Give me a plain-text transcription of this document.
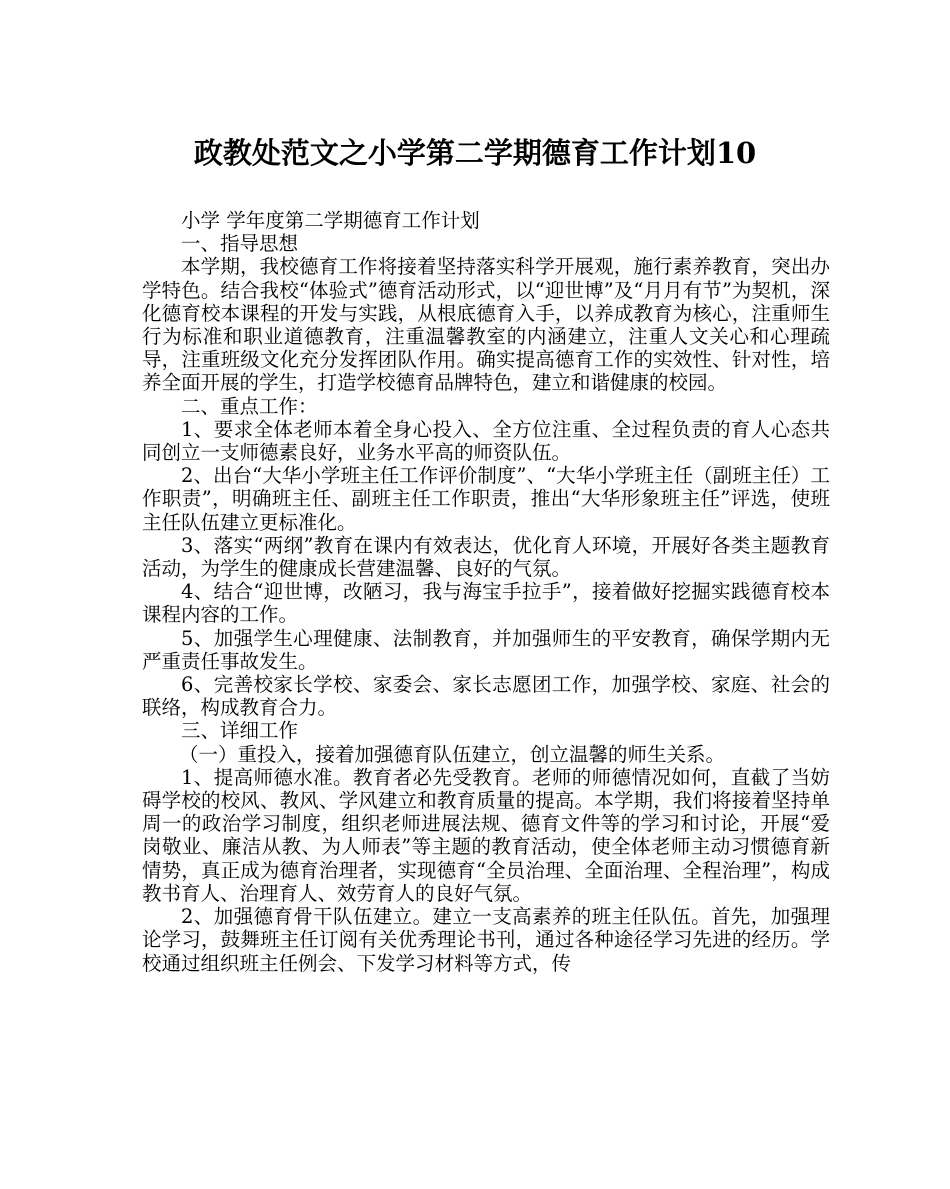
政教处范文之小学第二学期德育工作计划10

小学 学年度第二学期德育工作计划

一、指导思想

本学期，我校德育工作将接着坚持落实科学开展观，施行素养教育，突出办学特色。结合我校“体验式”德育活动形式，以“迎世博”及“月月有节”为契机，深化德育校本课程的开发与实践，从根底德育入手，以养成教育为核心，注重师生行为标准和职业道德教育，注重温馨教室的内涵建立，注重人文关心和心理疏导，注重班级文化充分发挥团队作用。确实提高德育工作的实效性、针对性，培养全面开展的学生，打造学校德育品牌特色，建立和谐健康的校园。

二、重点工作：

1、要求全体老师本着全身心投入、全方位注重、全过程负责的育人心态共同创立一支师德素良好，业务水平高的师资队伍。

2、出台“大华小学班主任工作评价制度”、“大华小学班主任（副班主任）工作职责”，明确班主任、副班主任工作职责，推出“大华形象班主任”评选，使班主任队伍建立更标准化。

3、落实“两纲”教育在课内有效表达，优化育人环境，开展好各类主题教育活动，为学生的健康成长营建温馨、良好的气氛。

4、结合“迎世博，改陋习，我与海宝手拉手”，接着做好挖掘实践德育校本课程内容的工作。

5、加强学生心理健康、法制教育，并加强师生的平安教育，确保学期内无严重责任事故发生。

6、完善校家长学校、家委会、家长志愿团工作，加强学校、家庭、社会的联络，构成教育合力。

三、详细工作

（一）重投入，接着加强德育队伍建立，创立温馨的师生关系。

1、提高师德水准。教育者必先受教育。老师的师德情况如何，直截了当妨碍学校的校风、教风、学风建立和教育质量的提高。本学期，我们将接着坚持单周一的政治学习制度，组织老师进展法规、德育文件等的学习和讨论，开展“爱岗敬业、廉洁从教、为人师表”等主题的教育活动，使全体老师主动习惯德育新情势，真正成为德育治理者，实现德育“全员治理、全面治理、全程治理”，构成教书育人、治理育人、效劳育人的良好气氛。

2、加强德育骨干队伍建立。建立一支高素养的班主任队伍。首先，加强理论学习，鼓舞班主任订阅有关优秀理论书刊，通过各种途径学习先进的经历。学校通过组织班主任例会、下发学习材料等方式，传
